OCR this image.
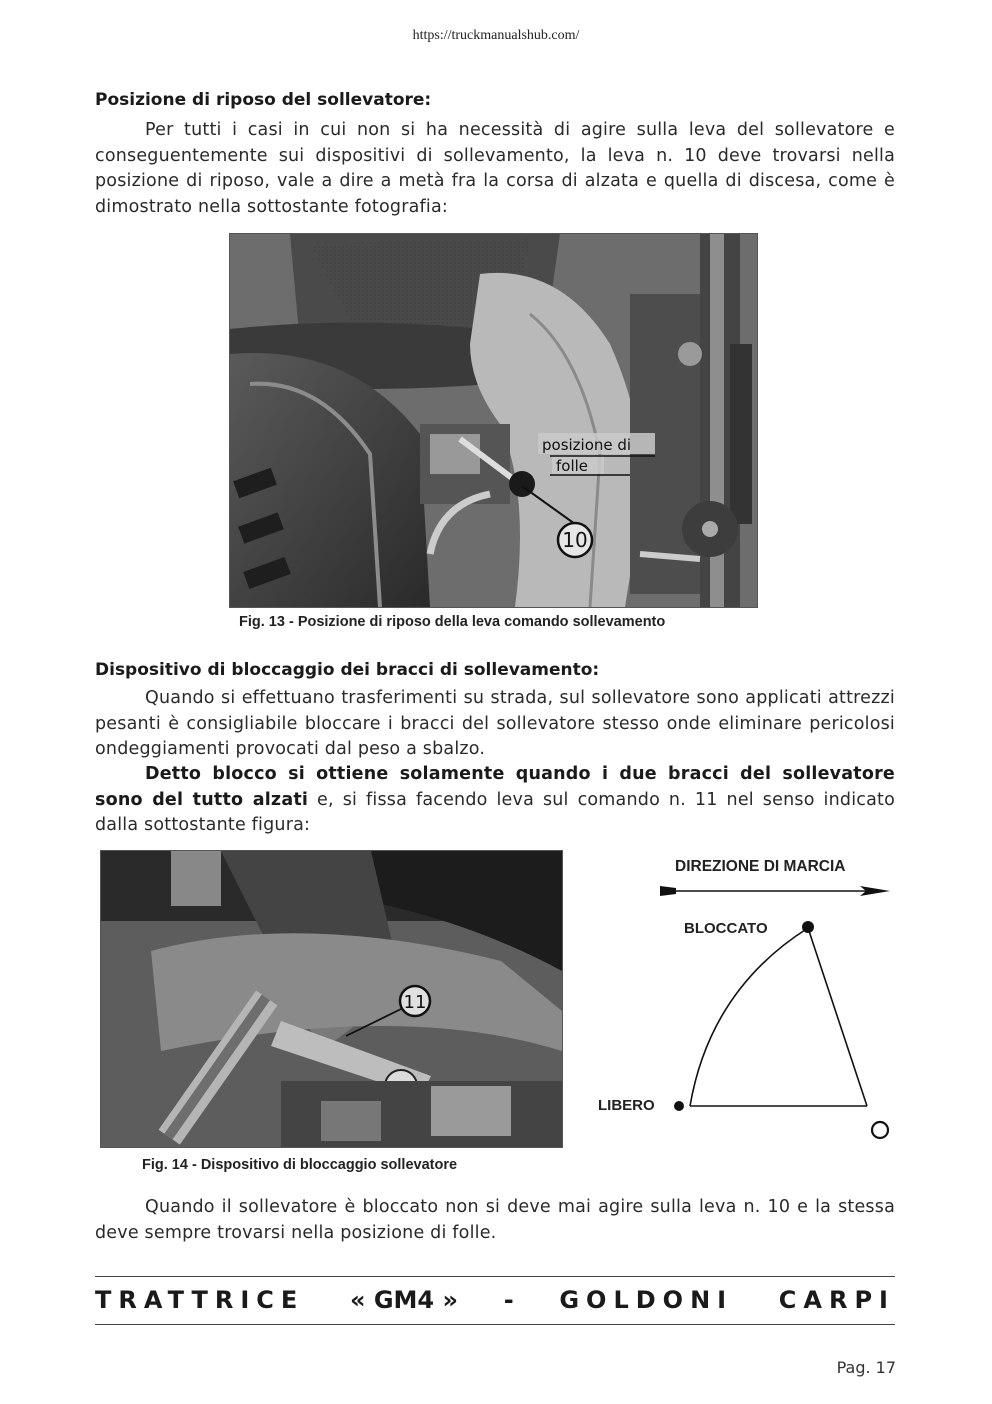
https://truckmanualshub.com/
Posizione di riposo del sollevatore:
Per tutti i casi in cui non si ha necessità di agire sulla leva del sollevatore e conseguentemente sui dispositivi di sollevamento, la leva n. 10 deve trovarsi nella posizione di riposo, vale a dire a metà fra la corsa di alzata e quella di discesa, come è dimostrato nella sottostante fotografia:
posizione di
folle
10
Fig. 13 - Posizione di riposo della leva comando sollevamento
Dispositivo di bloccaggio dei bracci di sollevamento:
Quando si effettuano trasferimenti su strada, sul sollevatore sono applicati attrezzi pesanti è consigliabile bloccare i bracci del sollevatore stesso onde eliminare pericolosi ondeggiamenti provocati dal peso a sbalzo.
Detto blocco si ottiene solamente quando i due bracci del sollevatore sono del tutto alzati e, si fissa facendo leva sul comando n. 11 nel senso indicato dalla sottostante figura:
11
Fig. 14 - Dispositivo di bloccaggio sollevatore
DIREZIONE DI MARCIA
BLOCCATO
LIBERO
Quando il sollevatore è bloccato non si deve mai agire sulla leva n. 10 e la stessa deve sempre trovarsi nella posizione di folle.
TRATTRICE « GM4 » - GOLDONI CARPI
Pag. 17
